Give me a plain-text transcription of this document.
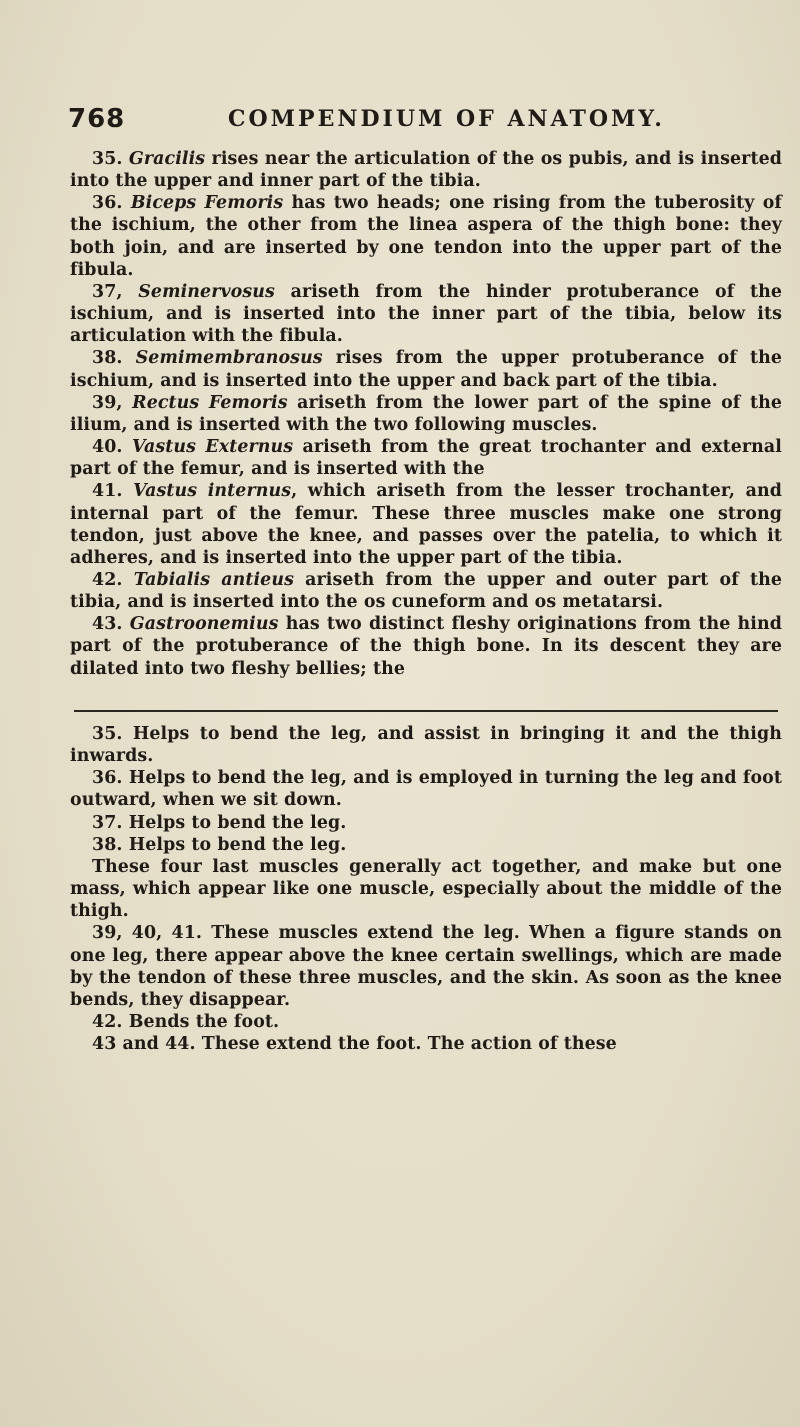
768	COMPENDIUM OF ANATOMY.

35. Gracilis rises near the articulation of the os pubis, and is inserted into the upper and inner part of the tibia.

36. Biceps Femoris has two heads; one rising from the tuberosity of the ischium, the other from the linea aspera of the thigh bone: they both join, and are inserted by one tendon into the upper part of the fibula.

37, Seminervosus ariseth from the hinder protuberance of the ischium, and is inserted into the inner part of the tibia, below its articulation with the fibula.

38. Semimembranosus rises from the upper protuberance of the ischium, and is inserted into the upper and back part of the tibia.

39, Rectus Femoris ariseth from the lower part of the spine of the ilium, and is inserted with the two following muscles.

40. Vastus Externus ariseth from the great trochanter and external part of the femur, and is inserted with the

41. Vastus internus, which ariseth from the lesser trochanter, and internal part of the femur. These three muscles make one strong tendon, just above the knee, and passes over the patelia, to which it adheres, and is inserted into the upper part of the tibia.

42. Tabialis antieus ariseth from the upper and outer part of the tibia, and is inserted into the os cuneform and os metatarsi.

43. Gastroonemius has two distinct fleshy originations from the hind part of the protuberance of the thigh bone. In its descent they are dilated into two fleshy bellies; the

35. Helps to bend the leg, and assist in bringing it and the thigh inwards.

36. Helps to bend the leg, and is employed in turning the leg and foot outward, when we sit down.

37. Helps to bend the leg.

38. Helps to bend the leg.

These four last muscles generally act together, and make but one mass, which appear like one muscle, especially about the middle of the thigh.

39, 40, 41. These muscles extend the leg. When a figure stands on one leg, there appear above the knee certain swellings, which are made by the tendon of these three muscles, and the skin. As soon as the knee bends, they disappear.

42. Bends the foot.

43 and 44. These extend the foot. The action of these
